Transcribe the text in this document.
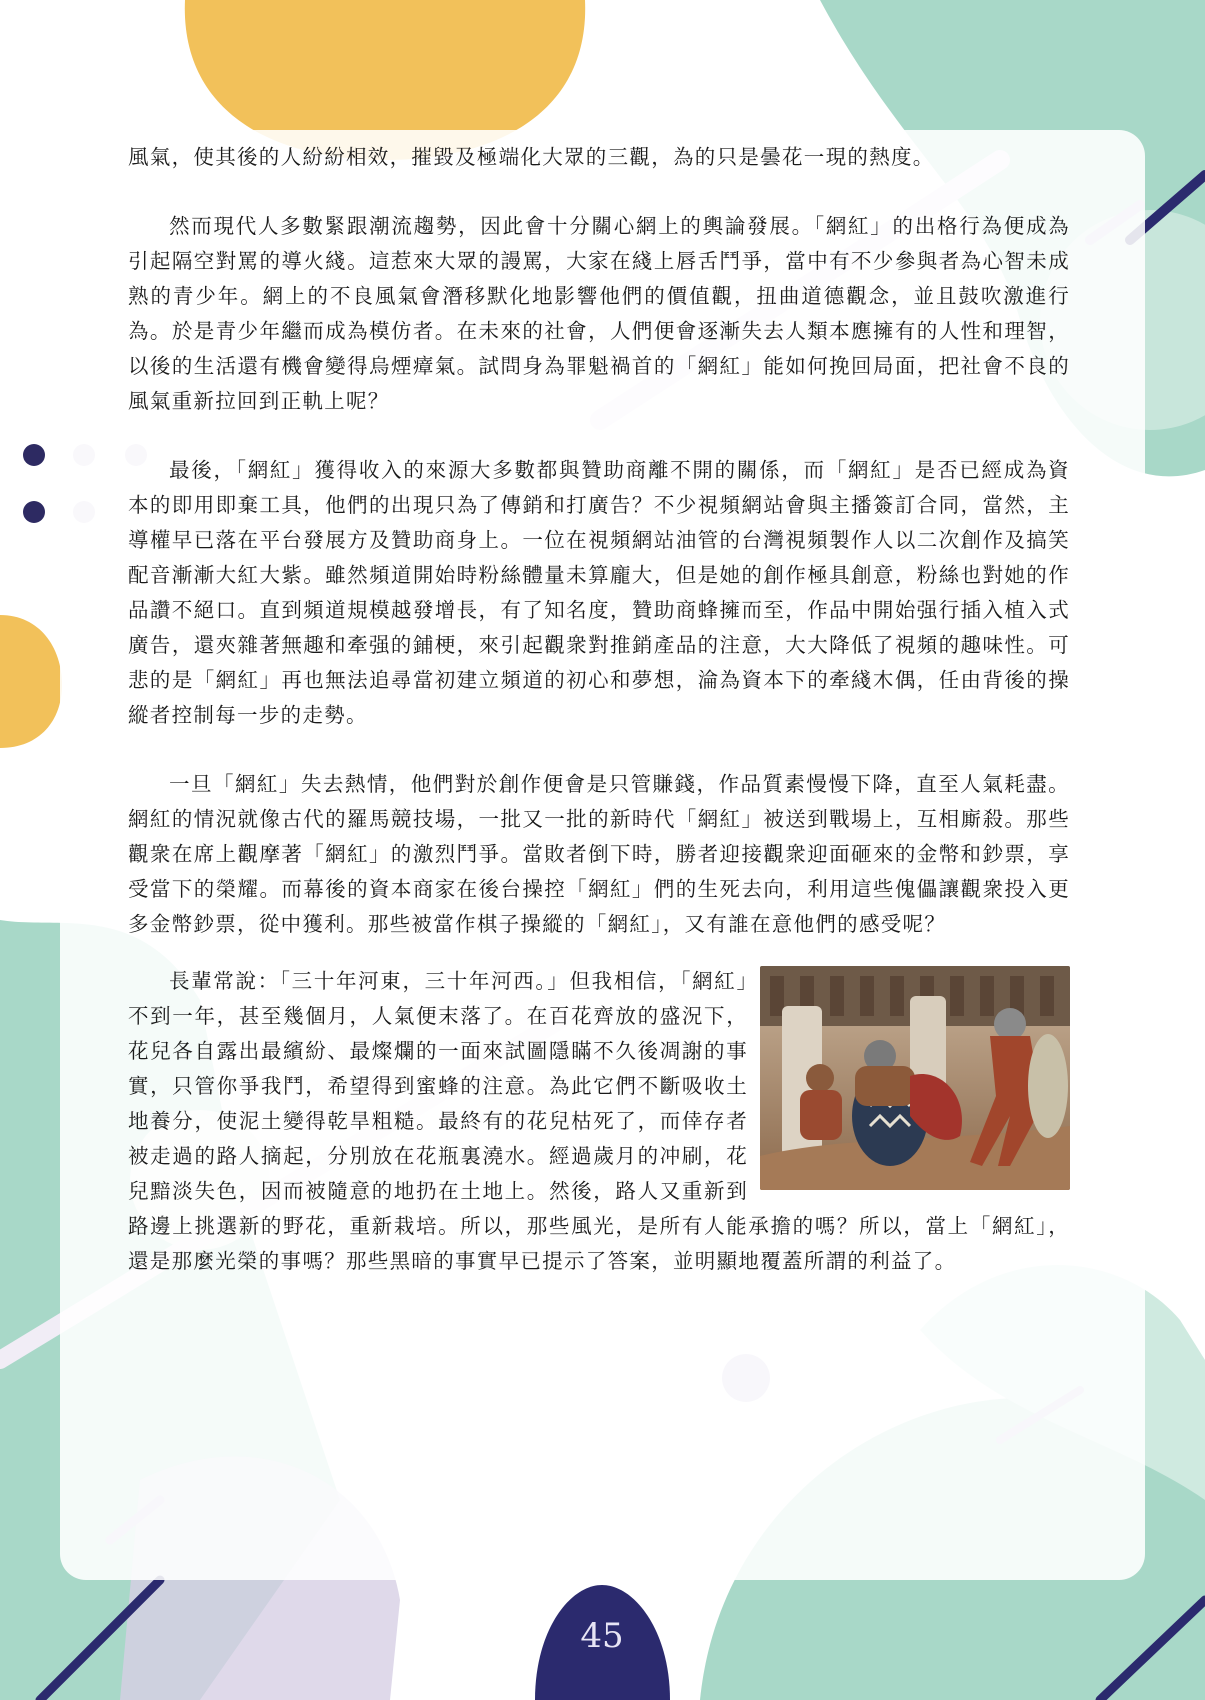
風氣，使其後的人紛紛相效，摧毀及極端化大眾的三觀，為的只是曇花一現的熱度。

然而現代人多數緊跟潮流趨勢，因此會十分關心網上的輿論發展。「網紅」的出格行為便成為引起隔空對罵的導火綫。這惹來大眾的謾罵，大家在綫上唇舌鬥爭，當中有不少參與者為心智未成熟的青少年。網上的不良風氣會潛移默化地影響他們的價值觀，扭曲道德觀念，並且鼓吹激進行為。於是青少年繼而成為模仿者。在未來的社會，人們便會逐漸失去人類本應擁有的人性和理智，以後的生活還有機會變得烏煙瘴氣。試問身為罪魁禍首的「網紅」能如何挽回局面，把社會不良的風氣重新拉回到正軌上呢？

最後，「網紅」獲得收入的來源大多數都與贊助商離不開的關係，而「網紅」是否已經成為資本的即用即棄工具，他們的出現只為了傳銷和打廣告？不少視頻網站會與主播簽訂合同，當然，主導權早已落在平台發展方及贊助商身上。一位在視頻網站油管的台灣視頻製作人以二次創作及搞笑配音漸漸大紅大紫。雖然頻道開始時粉絲體量未算龐大，但是她的創作極具創意，粉絲也對她的作品讚不絕口。直到頻道規模越發增長，有了知名度，贊助商蜂擁而至，作品中開始强行插入植入式廣告，還夾雜著無趣和牽强的鋪梗，來引起觀衆對推銷產品的注意，大大降低了視頻的趣味性。可悲的是「網紅」再也無法追尋當初建立頻道的初心和夢想，淪為資本下的牽綫木偶，任由背後的操縱者控制每一步的走勢。

一旦「網紅」失去熱情，他們對於創作便會是只管賺錢，作品質素慢慢下降，直至人氣耗盡。網紅的情況就像古代的羅馬競技場，一批又一批的新時代「網紅」被送到戰場上，互相廝殺。那些觀衆在席上觀摩著「網紅」的激烈鬥爭。當敗者倒下時，勝者迎接觀衆迎面砸來的金幣和鈔票，享受當下的榮耀。而幕後的資本商家在後台操控「網紅」們的生死去向，利用這些傀儡讓觀衆投入更多金幣鈔票，從中獲利。那些被當作棋子操縱的「網紅」，又有誰在意他們的感受呢？

長輩常說：「三十年河東，三十年河西。」但我相信，「網紅」不到一年，甚至幾個月，人氣便末落了。在百花齊放的盛況下，花兒各自露出最繽紛、最燦爛的一面來試圖隱瞞不久後凋謝的事實，只管你爭我鬥，希望得到蜜蜂的注意。為此它們不斷吸收土地養分，使泥土變得乾旱粗糙。最終有的花兒枯死了，而倖存者被走過的路人摘起，分別放在花瓶裏澆水。經過歲月的冲刷，花兒黯淡失色，因而被隨意的地扔在土地上。然後，路人又重新到路邊上挑選新的野花，重新栽培。所以，那些風光，是所有人能承擔的嗎？所以，當上「網紅」，還是那麼光榮的事嗎？那些黑暗的事實早已提示了答案，並明顯地覆蓋所謂的利益了。

45
